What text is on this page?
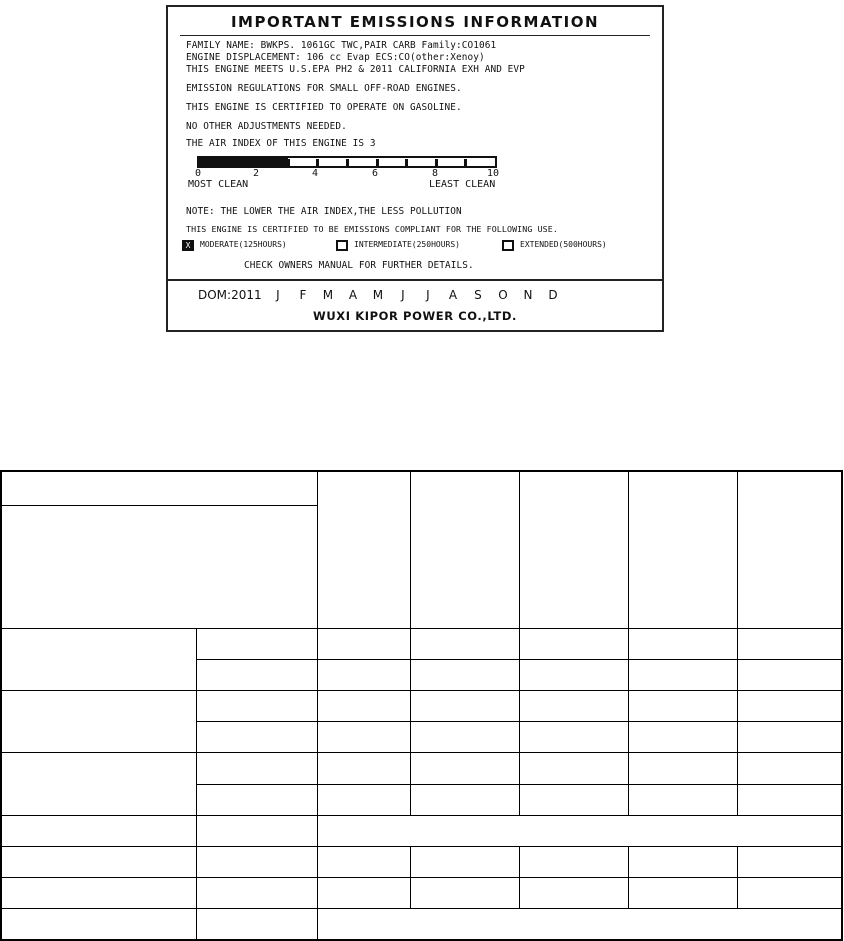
IMPORTANT EMISSIONS INFORMATION
FAMILY NAME: BWKPS. 1061GC TWC,PAIR CARB Family:CO1061
ENGINE DISPLACEMENT: 106 cc Evap ECS:CO(other:Xenoy)
THIS ENGINE MEETS U.S.EPA PH2 & 2011 CALIFORNIA EXH AND EVP
EMISSION REGULATIONS FOR SMALL OFF-ROAD ENGINES.
THIS ENGINE IS CERTIFIED TO OPERATE ON GASOLINE.
NO OTHER ADJUSTMENTS NEEDED.
THE AIR INDEX OF THIS ENGINE IS 3
0	2	4	6	8	10
MOST CLEAN	LEAST CLEAN
NOTE: THE LOWER THE AIR INDEX,THE LESS POLLUTION
THIS ENGINE IS CERTIFIED TO BE EMISSIONS COMPLIANT FOR THE FOLLOWING USE.
X	MODERATE(125HOURS)	INTERMEDIATE(250HOURS)	EXTENDED(500HOURS)
CHECK OWNERS MANUAL FOR FURTHER DETAILS.
DOM:2011 J F M A M J J A S O N D
WUXI KIPOR POWER CO.,LTD.
